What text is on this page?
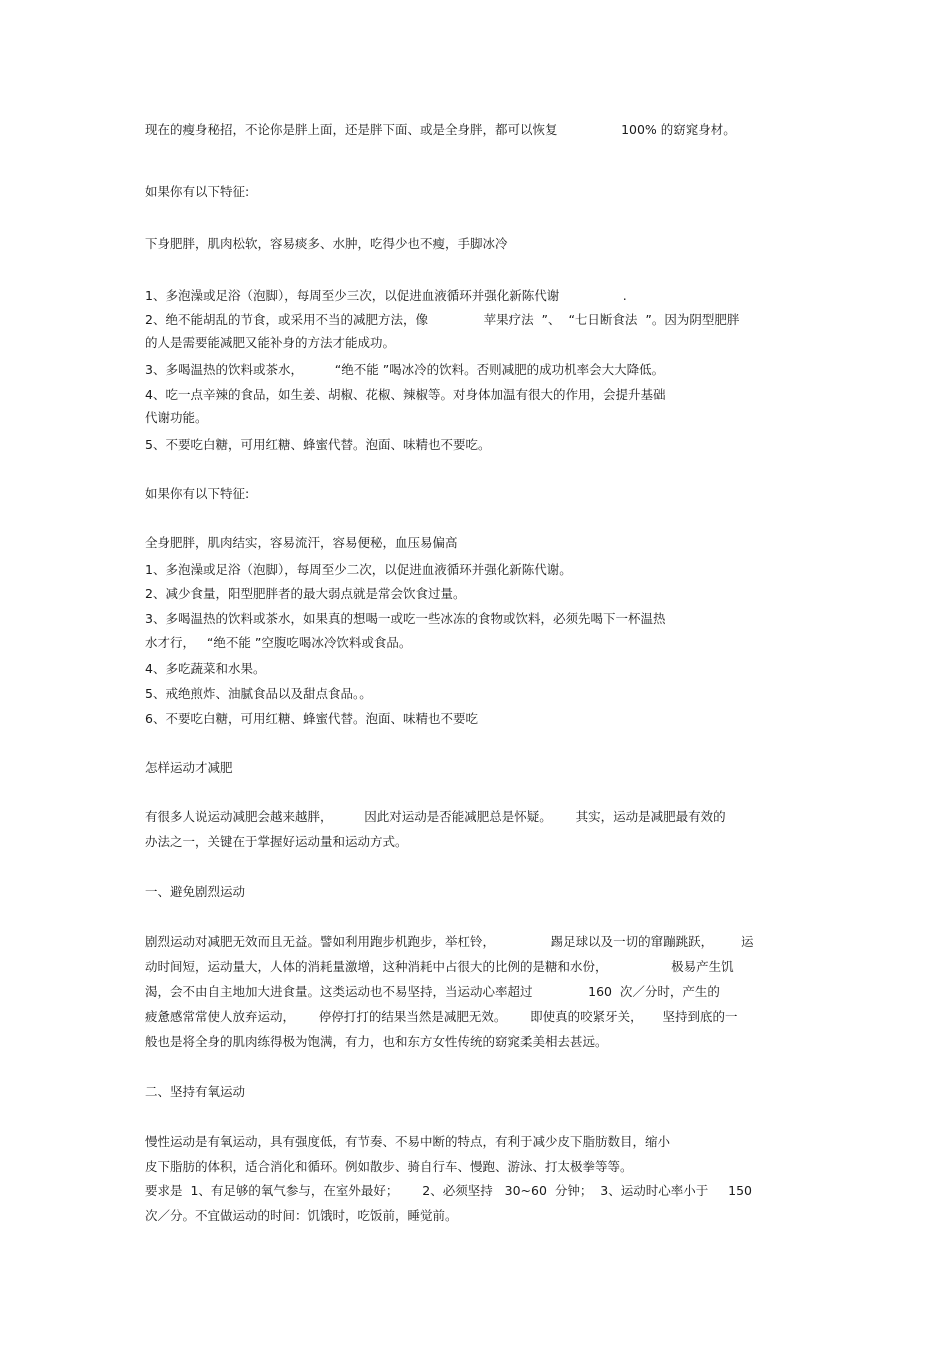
现在的瘦身秘招，不论你是胖上面，还是胖下面、或是全身胖，都可以恢复                100% 的窈窕身材。
如果你有以下特征:
下身肥胖，肌肉松软，容易痰多、水肿，吃得少也不瘦，手脚冰冷
1、多泡澡或足浴（泡脚），每周至少三次，以促进血液循环并强化新陈代谢                .
2、绝不能胡乱的节食，或采用不当的减肥方法，像              苹果疗法  ”、  “七日断食法  ”。因为阴型肥胖
的人是需要能减肥又能补身的方法才能成功。
3、多喝温热的饮料或茶水，        “绝不能 ”喝冰冷的饮料。否则减肥的成功机率会大大降低。
4、吃一点辛辣的食品，如生姜、胡椒、花椒、辣椒等。对身体加温有很大的作用，会提升基础
代谢功能。
5、不要吃白糖，可用红糖、蜂蜜代替。泡面、味精也不要吃。
如果你有以下特征:
全身肥胖，肌肉结实，容易流汗，容易便秘，血压易偏高
1、多泡澡或足浴（泡脚），每周至少二次，以促进血液循环并强化新陈代谢。
2、减少食量，阳型肥胖者的最大弱点就是常会饮食过量。
3、多喝温热的饮料或茶水，如果真的想喝一或吃一些冰冻的食物或饮料，必须先喝下一杯温热
水才行，   “绝不能 ”空腹吃喝冰冷饮料或食品。
4、多吃蔬菜和水果。
5、戒绝煎炸、油腻食品以及甜点食品。。
6、不要吃白糖，可用红糖、蜂蜜代替。泡面、味精也不要吃
怎样运动才减肥
有很多人说运动减肥会越来越胖，        因此对运动是否能减肥总是怀疑。      其实，运动是减肥最有效的
办法之一，关键在于掌握好运动量和运动方式。
一、避免剧烈运动
剧烈运动对减肥无效而且无益。譬如利用跑步机跑步，举杠铃，              踢足球以及一切的窜蹦跳跃，       运
动时间短，运动量大，人体的消耗量激增，这种消耗中占很大的比例的是糖和水份，                极易产生饥
渴，会不由自主地加大进食量。这类运动也不易坚持，当运动心率超过              160  次／分时，产生的
疲惫感常常使人放弃运动，      停停打打的结果当然是减肥无效。      即使真的咬紧牙关，     坚持到底的一
般也是将全身的肌肉练得极为饱满，有力，也和东方女性传统的窈窕柔美相去甚远。
二、坚持有氧运动
慢性运动是有氧运动，具有强度低，有节奏、不易中断的特点，有利于减少皮下脂肪数目，缩小
皮下脂肪的体积，适合消化和循环。例如散步、骑自行车、慢跑、游泳、打太极拳等等。
要求是  1、有足够的氧气参与，在室外最好；      2、必须坚持   30~60  分钟；  3、运动时心率小于     150
次／分。不宜做运动的时间：饥饿时，吃饭前，睡觉前。
